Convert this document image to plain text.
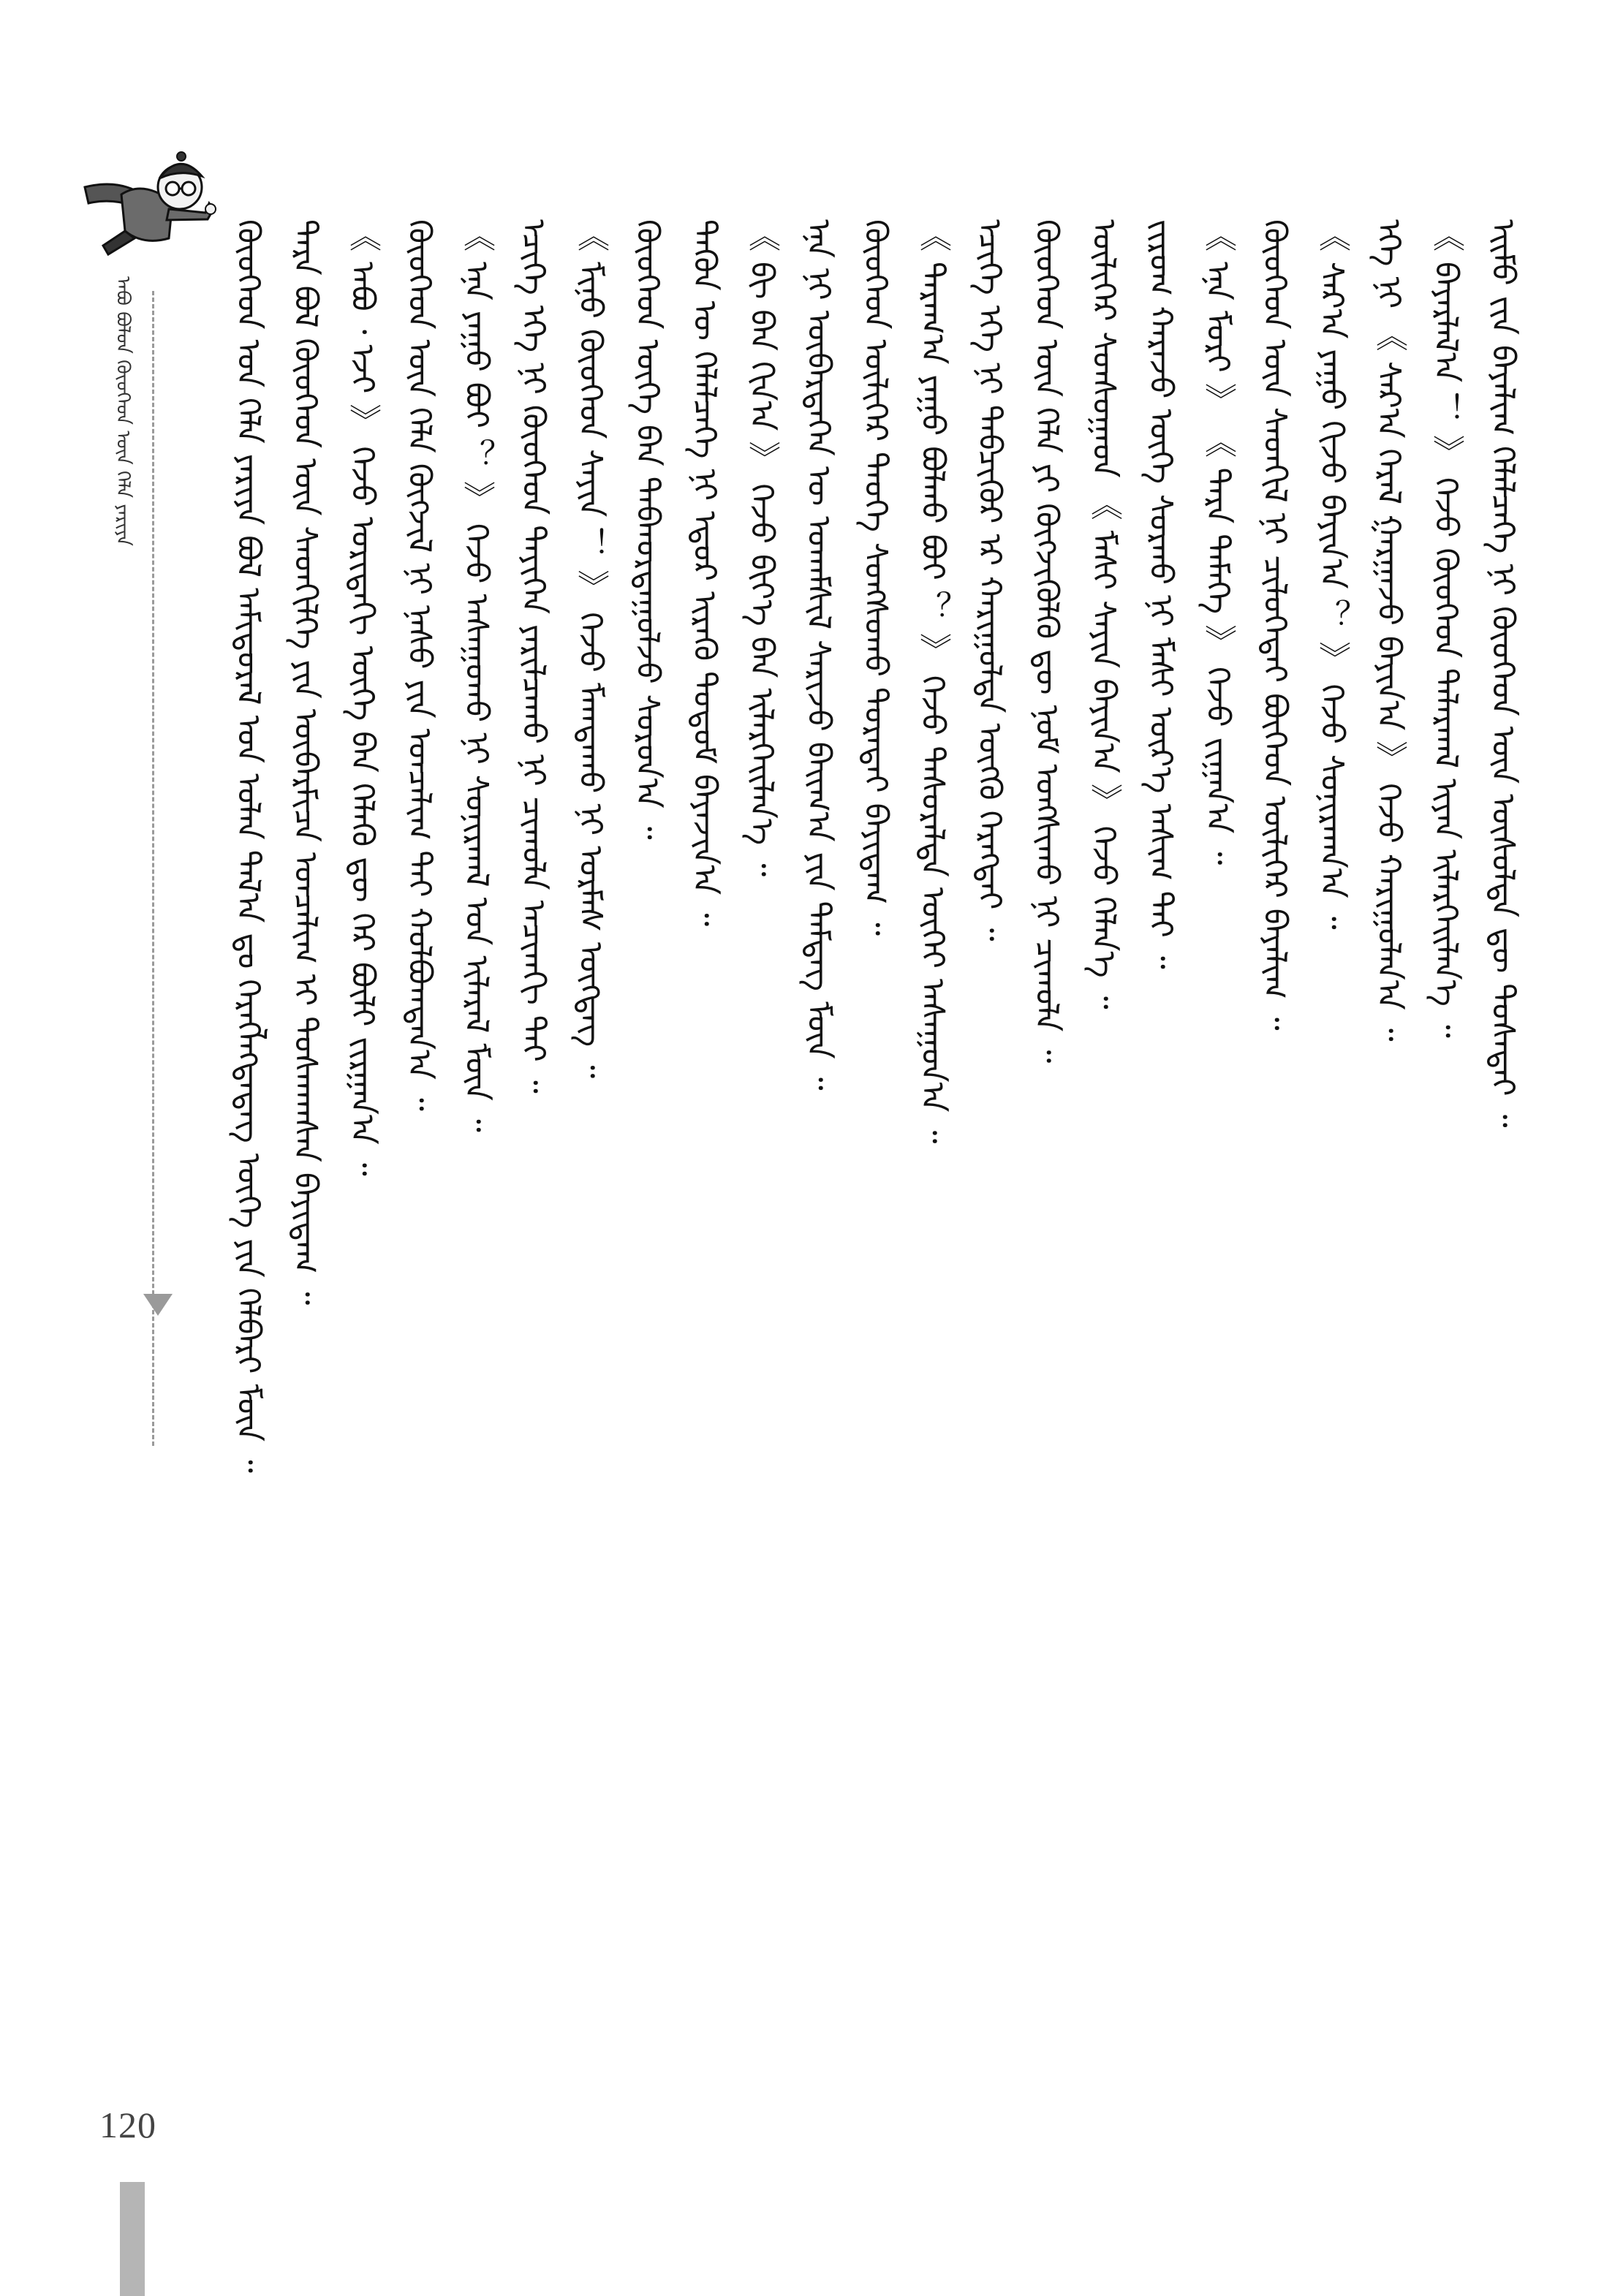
ᠠᠪᠤ ᠪᠤᠯᠣᠨ ᠬᠦᠦᠬᠡᠳ ᠦᠨ ᠬᠡᠯᠡ ᠶᠠᠷᠢᠶᠠ
120
ᠬᠦᠦᠬᠡᠳ ᠤᠨ ᠬᠡᠯᠡ ᠶᠠᠷᠢᠶᠠ ᠪᠤᠯ ᠠᠮᠢᠳᠤᠷᠠᠯ ᠤᠨ ᠤᠯᠠᠨ ᠲᠠᠯ᠎ᠠ ᠳᠤ ᠬᠡᠷᠡᠭᠯᠡᠭᠳᠡᠳᠡᠭ ᠦᠭᠡ ᠶᠢᠨ ᠬᠡᠯᠪᠡᠷᠢ ᠮᠥᠨ ᠃ ᠲᠡᠷᠡ ᠪᠤᠯ ᠬᠦᠦᠬᠡᠳ ᠦᠨ ᠰᠡᠳᠬᠢᠯᠭᠡ ᠶᠢᠨ ᠥᠪᠡᠷᠮᠢᠴᠡ ᠣᠨᠴᠠᠯᠢᠭ ᠢ ᠲᠤᠰᠬᠠᠭᠰᠠᠨ ᠪᠠᠶᠢᠳᠠᠭ ᠃ 《 ᠠᠪᠤ ᠂ ᠡᠵᠢ 》 ᠭᠡᠵᠦ ᠤᠷᠢᠳᠠᠬᠢ ᠦᠭᠡ ᠪᠡᠨ ᠬᠡᠯᠡᠬᠦ ᠳᠦ ᠭᠡᠷ ᠪᠦᠯᠢ ᠵᠢᠷᠭᠠᠨ᠎ᠠ ᠃ ᠬᠦᠦᠬᠡᠳ ᠦᠨ ᠬᠡᠯᠡ ᠬᠥᠭᠵᠢᠯ ᠨᠢ ᠨᠠᠰᠤ ᠶᠢᠨ ᠣᠨᠴᠠᠯᠢᠭ ᠲᠠᠢ ᠬᠣᠯᠪᠣᠭᠳᠠᠨ᠎ᠠ ᠃ 《 ᠡᠨᠡ ᠶᠠᠭᠤ ᠪᠤᠢ ？ 》 ᠭᠡᠵᠦ ᠠᠰᠠᠭᠤᠬᠤ ᠨᠢ ᠰᠣᠨᠢᠷᠬᠠᠯ ᠤᠨ ᠢᠯᠡᠷᠡᠯ ᠮᠥᠨ ᠃ ᠡᠴᠢᠭᠡ ᠡᠬᠡ ᠨᠢ ᠬᠦᠦᠬᠡᠳ ᠲᠡᠶᠢᠭᠡᠨ ᠶᠠᠷᠢᠯᠴᠠᠬᠤ ᠨᠢ ᠴᠢᠬᠤᠯᠠ ᠠᠴᠢᠬᠬᠢ ᠲᠠᠢ ᠃ 《 ᠮᠢᠨᠤ ᠬᠦᠦᠬᠡᠳ ᠰᠠᠶᠢᠨ ！ 》 ᠭᠡᠵᠦ ᠮᠠᠭᠲᠠᠬᠤ ᠨᠢ ᠤᠷᠮᠠᠰ ᠥᠭᠳᠡᠭ ᠃ ᠬᠦᠦᠬᠡᠳ ᠦᠭᠡ ᠪᠡᠨ ᠳᠠᠪᠬᠤᠷᠳᠠᠭᠤᠯᠵᠤ ᠰᠤᠷᠤᠨ᠎ᠠ ᠃ ᠲᠡᠭᠦᠨ ᠦ ᠬᠡᠯᠡᠯᠴᠡᠭᠡ ᠨᠢ ᠡᠳᠦᠷ ᠢᠷᠡᠬᠦ ᠲᠤᠲᠤᠮ ᠪᠠᠶᠠᠵᠢᠨ᠎ᠠ ᠃ 《 ᠪᠢ ᠪᠡᠨ ᠬᠢᠨ᠎ᠠ 》 ᠭᠡᠵᠦ ᠪᠢᠶ᠎ᠡ ᠪᠡᠨ ᠢᠯᠡᠷᠬᠡᠢᠯᠡᠨ᠎ᠡ ᠃ ᠡᠨᠡ ᠨᠢ ᠥᠪᠡᠷᠲᠡᠭᠡᠨ ᠦ ᠤᠬᠠᠮᠰᠢᠯ ᠰᠡᠷᠢᠵᠦ ᠪᠠᠢᠭ᠎ᠠ ᠶᠢᠨ ᠲᠡᠮᠳᠡᠭ ᠮᠥᠨ ᠃ ᠬᠦᠦᠬᠡᠳ ᠦᠯᠢᠭᠡᠷ ᠲᠡᠤᠬᠡ ᠰᠣᠩᠰᠤᠬᠤ ᠳᠤᠷᠠᠲᠠᠢ ᠪᠠᠶᠢᠳᠠᠭ ᠃ 《 ᠳᠠᠷᠠᠭ᠎ᠠ ᠶᠠᠭᠤ ᠪᠣᠯᠬᠤ ᠪᠤᠢ ？ 》 ᠭᠡᠵᠦ ᠲᠠᠰᠤᠷᠠᠯᠲᠠ ᠦᠭᠡᠢ ᠠᠰᠠᠭᠤᠨ᠎ᠠ ᠃ ᠡᠴᠢᠭᠡ ᠡᠬᠡ ᠨᠢ ᠲᠡᠪᠴᠢᠭᠦᠷ ᠡᠷ ᠬᠠᠷᠢᠭᠤᠯᠲᠠ ᠥᠭᠬᠦ ᠬᠡᠷᠡᠭᠲᠡᠢ ᠃ ᠬᠦᠦᠬᠡᠳ ᠦᠨ ᠬᠡᠯᠡ ᠶᠢ ᠬᠥᠭᠵᠢᠭᠦᠯᠬᠦ ᠳᠦ ᠨᠣᠮ ᠤᠩᠰᠢᠬᠤ ᠨᠢ ᠴᠢᠬᠤᠯᠠ ᠃ ᠦᠯᠢᠭᠡᠷ ᠰᠣᠨᠰᠤᠭᠠᠳ 《 ᠮᠠᠰᠢ ᠰᠠᠶᠢᠨ ᠪᠠᠶᠢᠨ᠎ᠠ 》 ᠭᠡᠵᠦ ᠬᠡᠯᠡᠨ᠎ᠡ ᠃ ᠵᠢᠷᠤᠭ ᠬᠠᠷᠠᠵᠤ ᠦᠭᠡ ᠰᠤᠷᠬᠤ ᠨᠢ ᠮᠠᠰᠢ ᠦᠷ᠎ᠡ ᠠᠰᠢᠭ ᠲᠠᠢ ᠃ 《 ᠡᠨᠡ ᠮᠣᠷᠢ 》 《 ᠲᠡᠷᠡ ᠲᠡᠮᠡᠭᠡ 》 ᠭᠡᠵᠦ ᠵᠢᠭᠠᠨ᠎ᠠ ᠃ ᠬᠦᠦᠬᠡᠳ ᠦᠨ ᠰᠡᠳᠬᠢᠯ ᠨᠢ ᠴᠢᠯᠦᠭᠡᠲᠡᠢ ᠪᠥᠭᠡᠳ ᠦᠯᠢᠭᠡᠷ ᠪᠠᠶᠠᠯᠢᠭ ᠃ 《 ᠰᠠᠷ᠎ᠠ ᠶᠠᠭᠤ ᠬᠢᠵᠦ ᠪᠠᠶᠢᠨ᠎ᠠ ？ 》 ᠭᠡᠵᠦ ᠰᠣᠨᠢᠷᠬᠠᠨ᠎ᠠ ᠃ ᠡᠬᠡ ᠨᠢ 《 ᠰᠠᠷ᠎ᠠ ᠭᠡᠷᠡᠯ ᠭᠠᠷᠭᠠᠵᠤ ᠪᠠᠶᠢᠨ᠎ᠠ 》 ᠭᠡᠵᠦ ᠬᠠᠷᠢᠭᠤᠯᠠᠨ᠎ᠠ ᠃ 《 ᠪᠠᠶᠠᠷᠯᠠᠯ᠎ᠠ ！ 》 ᠭᠡᠵᠦ ᠬᠦᠦᠬᠡᠳ ᠲᠠᠯᠠᠷᠬᠠᠯ ᠢᠶᠠᠨ ᠢᠯᠡᠷᠬᠡᠢᠯᠡᠨ᠎ᠡ ᠃ ᠡᠢᠮᠦ ᠵᠢᠨ ᠪᠠᠶᠠᠯᠢᠭ ᠬᠡᠯᠡᠯᠴᠡᠭᠡ ᠨᠢ ᠬᠦᠦᠬᠡᠳ ᠦᠨ ᠥᠰᠦᠯᠲᠡ ᠳᠦ ᠲᠤᠰᠠᠲᠠᠢ ᠃
